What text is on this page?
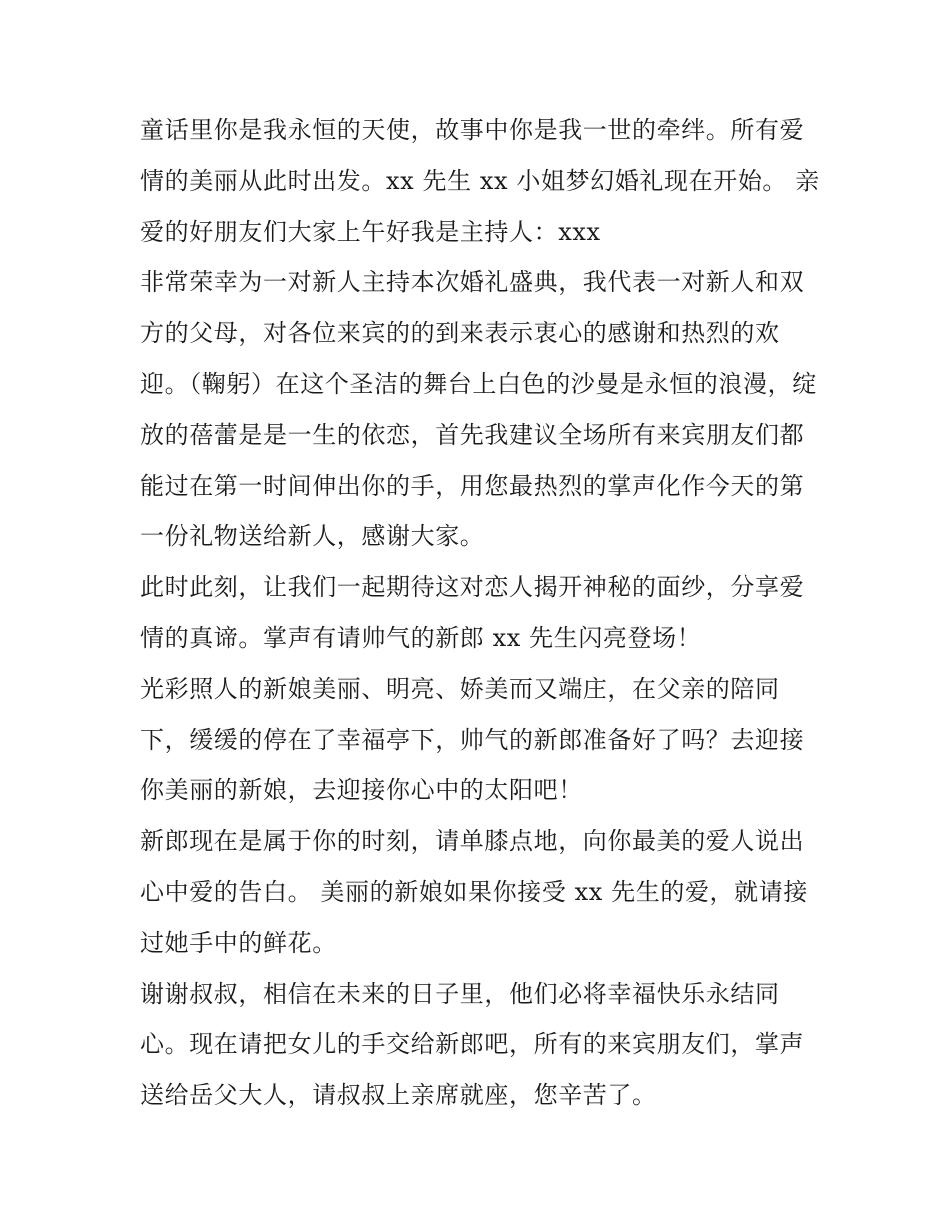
童话里你是我永恒的天使，故事中你是我一世的牵绊。所有爱情的美丽从此时出发。xx 先生 xx 小姐梦幻婚礼现在开始。 亲爱的好朋友们大家上午好我是主持人：xxx

非常荣幸为一对新人主持本次婚礼盛典，我代表一对新人和双方的父母，对各位来宾的的到来表示衷心的感谢和热烈的欢迎。（鞠躬）在这个圣洁的舞台上白色的沙曼是永恒的浪漫，绽放的蓓蕾是是一生的依恋，首先我建议全场所有来宾朋友们都能过在第一时间伸出你的手，用您最热烈的掌声化作今天的第一份礼物送给新人，感谢大家。

此时此刻，让我们一起期待这对恋人揭开神秘的面纱，分享爱情的真谛。掌声有请帅气的新郎 xx 先生闪亮登场！

光彩照人的新娘美丽、明亮、娇美而又端庄，在父亲的陪同下，缓缓的停在了幸福亭下，帅气的新郎准备好了吗？去迎接你美丽的新娘，去迎接你心中的太阳吧！

新郎现在是属于你的时刻，请单膝点地，向你最美的爱人说出心中爱的告白。 美丽的新娘如果你接受 xx 先生的爱，就请接过她手中的鲜花。

谢谢叔叔，相信在未来的日子里，他们必将幸福快乐永结同心。现在请把女儿的手交给新郎吧，所有的来宾朋友们，掌声送给岳父大人，请叔叔上亲席就座，您辛苦了。
